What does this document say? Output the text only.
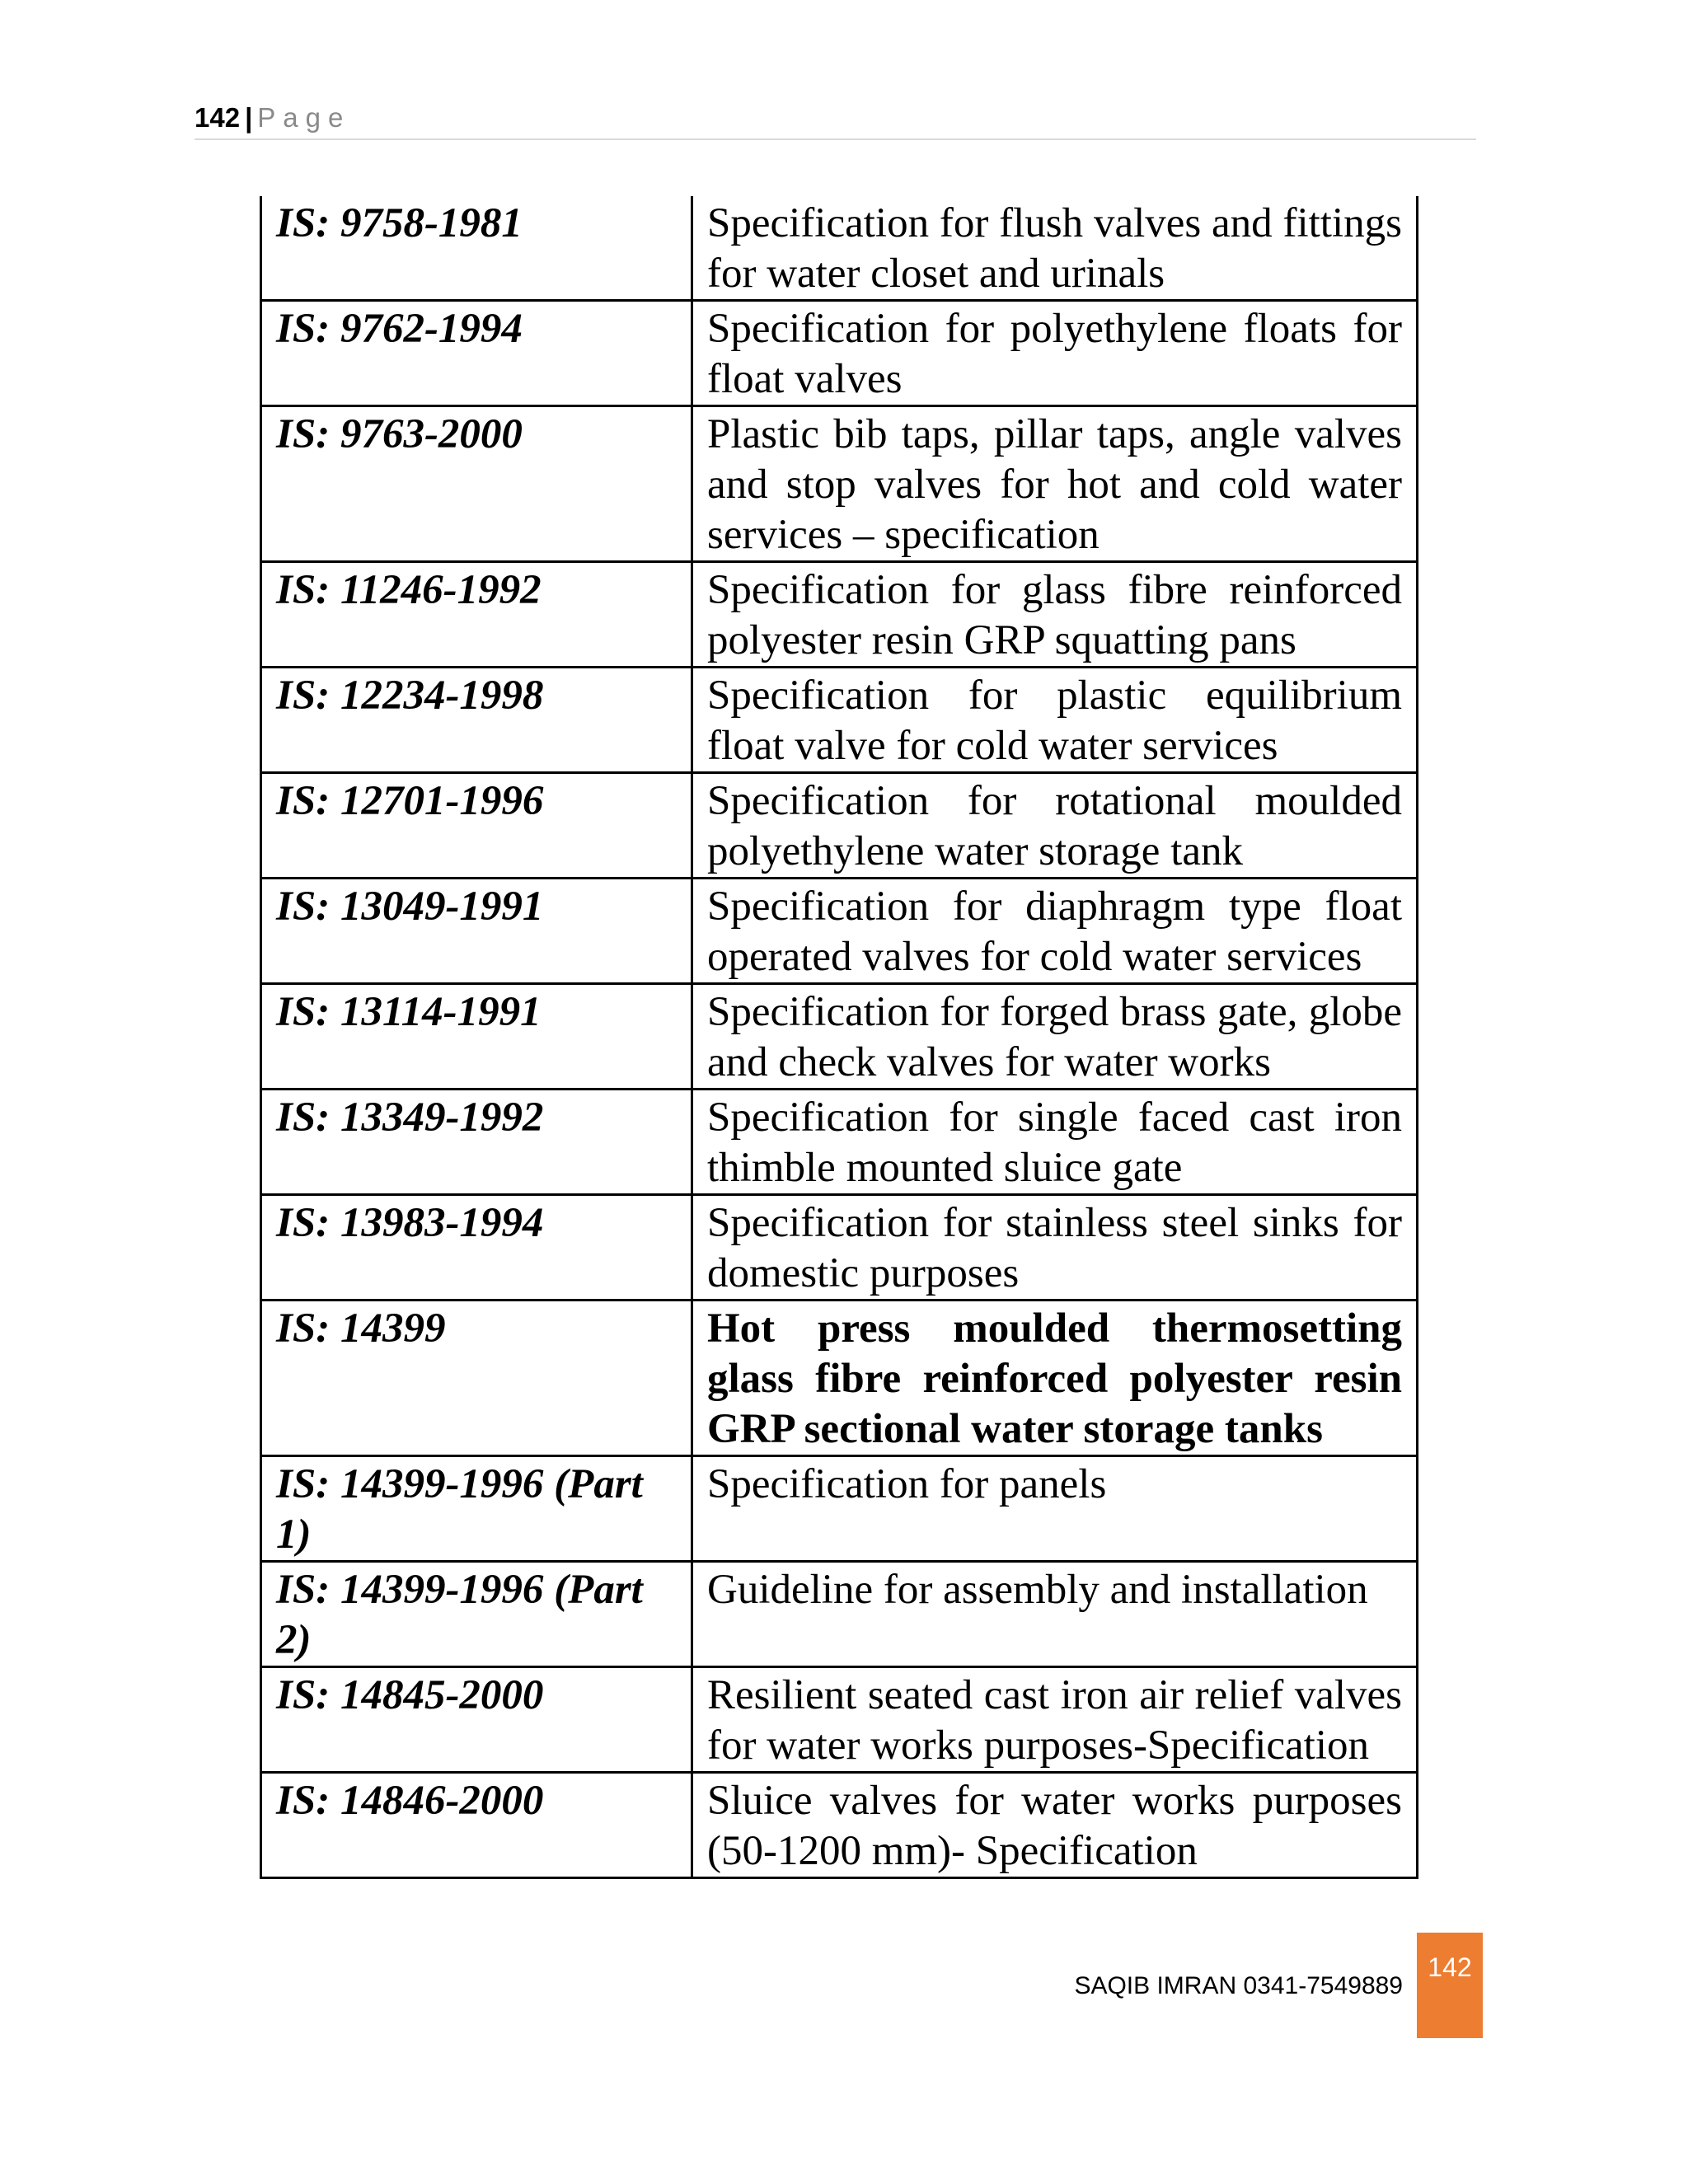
142 | Page
IS: 9758-1981	Specification for flush valves and fittings for water closet and urinals
IS: 9762-1994	Specification for polyethylene floats for float valves
IS: 9763-2000	Plastic bib taps, pillar taps, angle valves and stop valves for hot and cold water services – specification
IS: 11246-1992	Specification for glass fibre reinforced polyester resin GRP squatting pans
IS: 12234-1998	Specification for plastic equilibrium float valve for cold water services
IS: 12701-1996	Specification for rotational moulded polyethylene water storage tank
IS: 13049-1991	Specification for diaphragm type float operated valves for cold water services
IS: 13114-1991	Specification for forged brass gate, globe and check valves for water works
IS: 13349-1992	Specification for single faced cast iron thimble mounted sluice gate
IS: 13983-1994	Specification for stainless steel sinks for domestic purposes
IS: 14399	Hot press moulded thermosetting glass fibre reinforced polyester resin GRP sectional water storage tanks
IS: 14399-1996 (Part 1)	Specification for panels
IS: 14399-1996 (Part 2)	Guideline for assembly and installation
IS: 14845-2000	Resilient seated cast iron air relief valves for water works purposes-Specification
IS: 14846-2000	Sluice valves for water works purposes (50-1200 mm)- Specification
SAQIB IMRAN 0341-7549889
142
